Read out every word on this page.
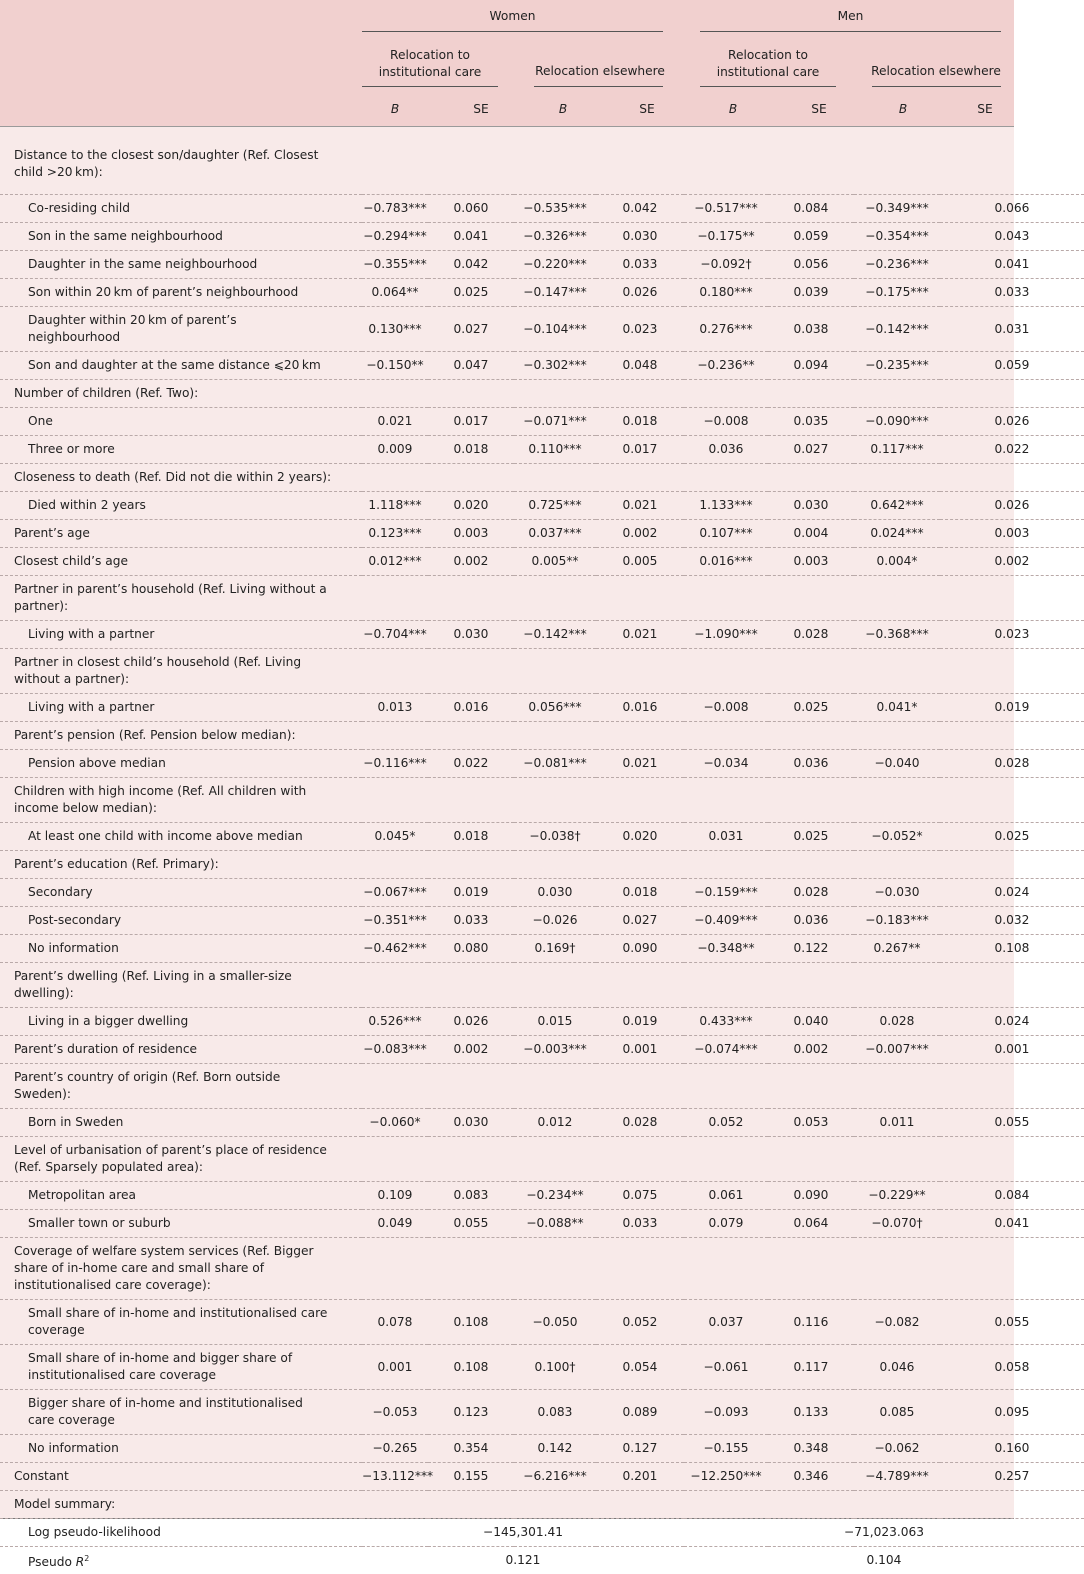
Women	Men
Relocation to
institutional care	Relocation elsewhere
Relocation to
institutional care	Relocation elsewhere
B	SE	B	SE	B	SE	B	SE
Distance to the closest son/daughter (Ref. Closest
child >20 km):									

Co-residing child	−0.783***	0.060	−0.535***	0.042	−0.517***	0.084	−0.349***	0.066	

Son in the same neighbourhood	−0.294***	0.041	−0.326***	0.030	−0.175**	0.059	−0.354***	0.043	

Daughter in the same neighbourhood	−0.355***	0.042	−0.220***	0.033	−0.092†	0.056	−0.236***	0.041	

Son within 20 km of parent’s neighbourhood	0.064**	0.025	−0.147***	0.026	0.180***	0.039	−0.175***	0.033	

Daughter within 20 km of parent’s
neighbourhood	0.130***	0.027	−0.104***	0.023	0.276***	0.038	−0.142***	0.031	

Son and daughter at the same distance ⩽20 km	−0.150**	0.047	−0.302***	0.048	−0.236**	0.094	−0.235***	0.059	

Number of children (Ref. Two):									

One	0.021	0.017	−0.071***	0.018	−0.008	0.035	−0.090***	0.026	

Three or more	0.009	0.018	0.110***	0.017	0.036	0.027	0.117***	0.022	

Closeness to death (Ref. Did not die within 2 years):									

Died within 2 years	1.118***	0.020	0.725***	0.021	1.133***	0.030	0.642***	0.026	

Parent’s age	0.123***	0.003	0.037***	0.002	0.107***	0.004	0.024***	0.003	

Closest child’s age	0.012***	0.002	0.005**	0.005	0.016***	0.003	0.004*	0.002	

Partner in parent’s household (Ref. Living without a
partner):									

Living with a partner	−0.704***	0.030	−0.142***	0.021	−1.090***	0.028	−0.368***	0.023	

Partner in closest child’s household (Ref. Living
without a partner):									

Living with a partner	0.013	0.016	0.056***	0.016	−0.008	0.025	0.041*	0.019	

Parent’s pension (Ref. Pension below median):									

Pension above median	−0.116***	0.022	−0.081***	0.021	−0.034	0.036	−0.040	0.028	

Children with high income (Ref. All children with
income below median):									

At least one child with income above median	0.045*	0.018	−0.038†	0.020	0.031	0.025	−0.052*	0.025	

Parent’s education (Ref. Primary):									

Secondary	−0.067***	0.019	0.030	0.018	−0.159***	0.028	−0.030	0.024	

Post-secondary	−0.351***	0.033	−0.026	0.027	−0.409***	0.036	−0.183***	0.032	

No information	−0.462***	0.080	0.169†	0.090	−0.348**	0.122	0.267**	0.108	

Parent’s dwelling (Ref. Living in a smaller-size
dwelling):									

Living in a bigger dwelling	0.526***	0.026	0.015	0.019	0.433***	0.040	0.028	0.024	

Parent’s duration of residence	−0.083***	0.002	−0.003***	0.001	−0.074***	0.002	−0.007***	0.001	

Parent’s country of origin (Ref. Born outside
Sweden):									

Born in Sweden	−0.060*	0.030	0.012	0.028	0.052	0.053	0.011	0.055	

Level of urbanisation of parent’s place of residence
(Ref. Sparsely populated area):									

Metropolitan area	0.109	0.083	−0.234**	0.075	0.061	0.090	−0.229**	0.084	

Smaller town or suburb	0.049	0.055	−0.088**	0.033	0.079	0.064	−0.070†	0.041	

Coverage of welfare system services (Ref. Bigger
share of in-home care and small share of
institutionalised care coverage):									

Small share of in-home and institutionalised care
coverage	0.078	0.108	−0.050	0.052	0.037	0.116	−0.082	0.055	

Small share of in-home and bigger share of
institutionalised care coverage	0.001	0.108	0.100†	0.054	−0.061	0.117	0.046	0.058	

Bigger share of in-home and institutionalised
care coverage	−0.053	0.123	0.083	0.089	−0.093	0.133	0.085	0.095	

No information	−0.265	0.354	0.142	0.127	−0.155	0.348	−0.062	0.160	

Constant	−13.112***	0.155	−6.216***	0.201	−12.250***	0.346	−4.789***	0.257	

Model summary:									

Log pseudo-likelihood	−145,301.41				−71,023.063				
Pseudo $R^2$	0.121				0.104				
